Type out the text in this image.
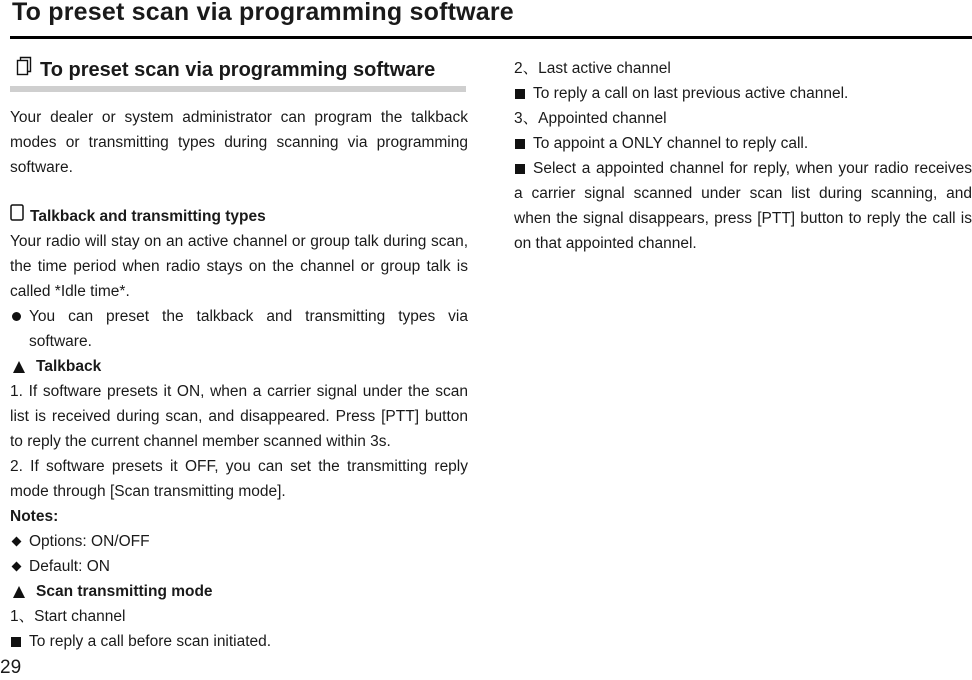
To preset scan via programming software
To preset scan via programming software

Your dealer or system administrator can program the talkback modes or transmitting types during scanning via programming software.

Talkback and transmitting types

Your radio will stay on an active channel or group talk during scan, the time period when radio stays on the channel or group talk is called *Idle time*.

You can preset the talkback and transmitting types via software.
Talkback

1. If software presets it ON, when a carrier signal under the scan list is received during scan, and disappeared. Press [PTT] button to reply the current channel member scanned within 3s.

2. If software presets it OFF, you can set the transmitting reply mode through [Scan transmitting mode].

Notes:

Options: ON/OFF
Default: ON
Scan transmitting mode

1、Start channel

To reply a call before scan initiated.

2、Last active channel

To reply a call on last previous active channel.

3、Appointed channel

To appoint a ONLY channel to reply call.
Select a appointed channel for reply, when your radio receives a carrier signal scanned under scan list during scanning, and when the signal disappears, press [PTT] button to reply the call is on that appointed channel.
29
